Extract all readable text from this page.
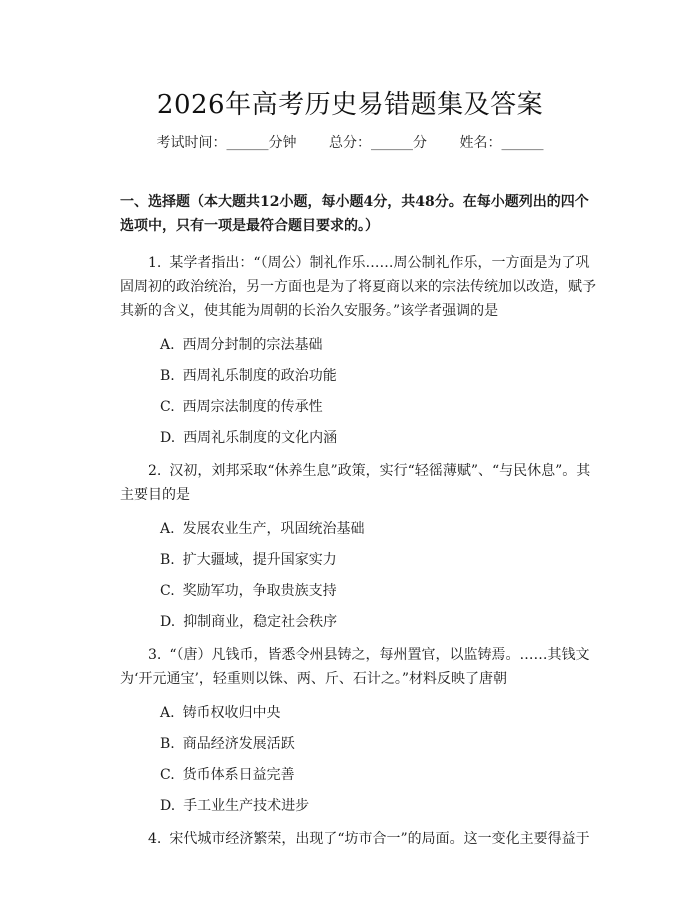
2026年高考历史易错题集及答案
考试时间：______分钟 总分：______分 姓名：______

一、选择题（本大题共12小题，每小题4分，共48分。在每小题列出的四个选项中，只有一项是最符合题目要求的。）

1. 某学者指出：“（周公）制礼作乐……周公制礼作乐，一方面是为了巩固周初的政治统治，另一方面也是为了将夏商以来的宗法传统加以改造，赋予其新的含义，使其能为周朝的长治久安服务。”该学者强调的是

A. 西周分封制的宗法基础
B. 西周礼乐制度的政治功能
C. 西周宗法制度的传承性
D. 西周礼乐制度的文化内涵

2. 汉初，刘邦采取“休养生息”政策，实行“轻徭薄赋”、“与民休息”。其主要目的是

A. 发展农业生产，巩固统治基础
B. 扩大疆域，提升国家实力
C. 奖励军功，争取贵族支持
D. 抑制商业，稳定社会秩序

3. “（唐）凡钱币，皆悉令州县铸之，每州置官，以监铸焉。……其钱文为‘开元通宝’，轻重则以铢、两、斤、石计之。”材料反映了唐朝

A. 铸币权收归中央
B. 商品经济发展活跃
C. 货币体系日益完善
D. 手工业生产技术进步

4. 宋代城市经济繁荣，出现了“坊市合一”的局面。这一变化主要得益于
